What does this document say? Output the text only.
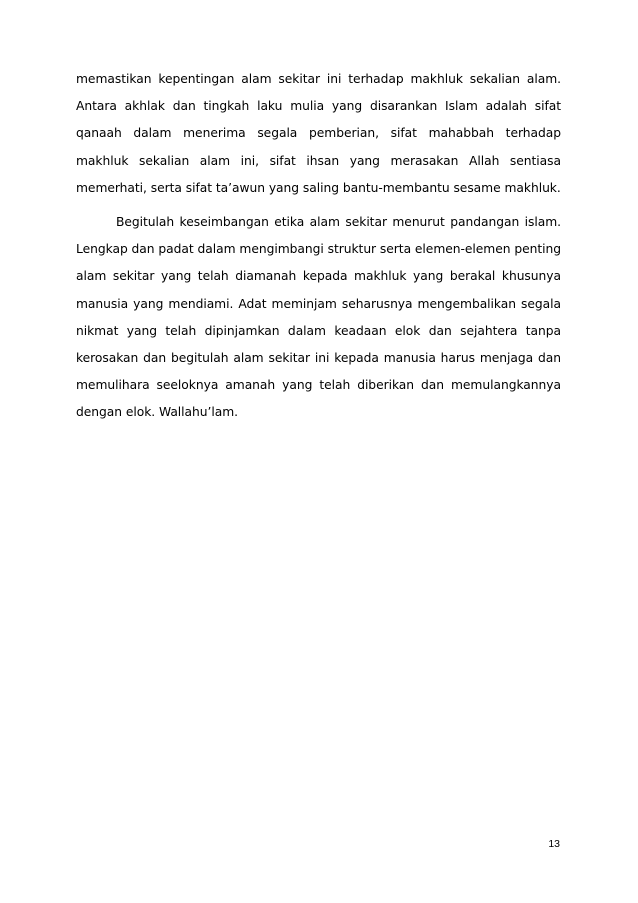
memastikan kepentingan alam sekitar ini terhadap makhluk sekalian alam. Antara akhlak dan tingkah laku mulia yang disarankan Islam adalah sifat qanaah dalam menerima segala pemberian, sifat mahabbah terhadap makhluk sekalian alam ini, sifat ihsan yang merasakan Allah sentiasa memerhati, serta sifat ta’awun yang saling bantu-membantu sesame makhluk.

Begitulah keseimbangan etika alam sekitar menurut pandangan islam. Lengkap dan padat dalam mengimbangi struktur serta elemen-elemen penting alam sekitar yang telah diamanah kepada makhluk yang berakal khusunya manusia yang mendiami. Adat meminjam seharusnya mengembalikan segala nikmat yang telah dipinjamkan dalam keadaan elok dan sejahtera tanpa kerosakan dan begitulah alam sekitar ini kepada manusia harus menjaga dan memulihara seeloknya amanah yang telah diberikan dan memulangkannya dengan elok. Wallahu’lam.

13
